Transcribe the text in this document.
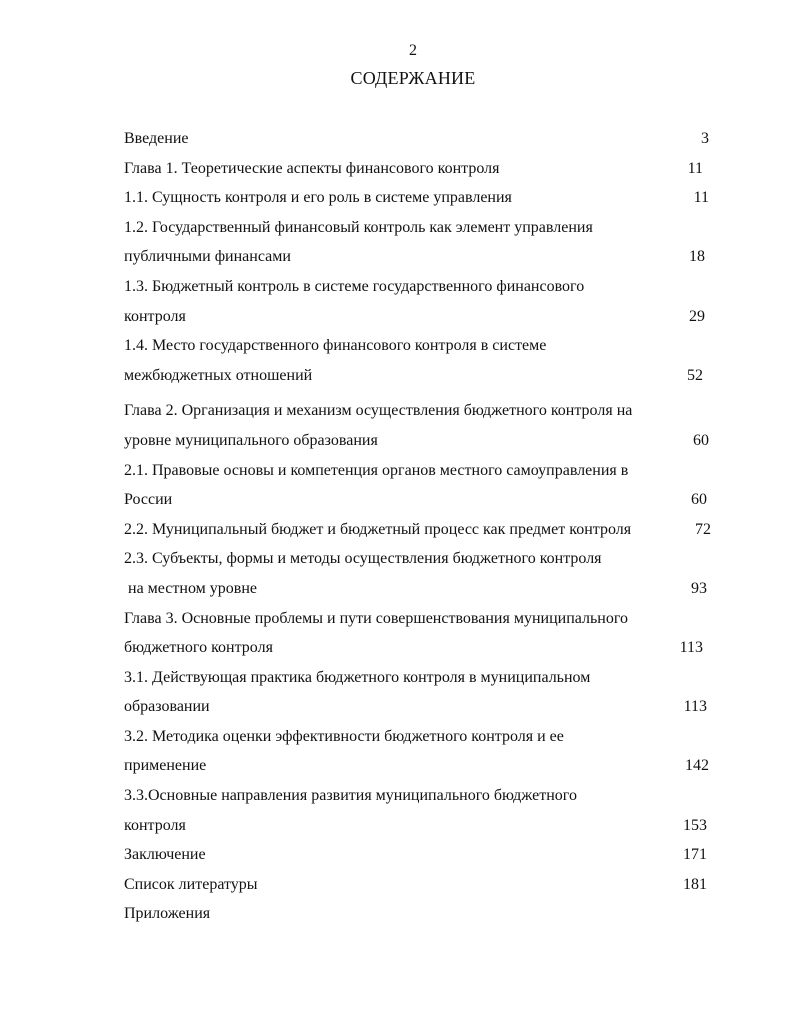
2
СОДЕРЖАНИЕ
Введение	3
Глава 1. Теоретические аспекты финансового контроля	11
1.1. Сущность контроля и его роль в системе управления	11
1.2. Государственный финансовый контроль как элемент управления
публичными финансами	18
1.3. Бюджетный контроль в системе государственного финансового
контроля	29
1.4. Место государственного финансового контроля в системе
межбюджетных отношений	52
Глава 2. Организация и механизм осуществления бюджетного контроля на
уровне муниципального образования	60
2.1. Правовые основы и компетенция органов местного самоуправления в
России	60
2.2. Муниципальный бюджет и бюджетный процесс как предмет контроля	72
2.3. Субъекты, формы и методы осуществления бюджетного контроля
на местном уровне	93
Глава 3. Основные проблемы и пути совершенствования муниципального
бюджетного контроля	113
3.1. Действующая практика бюджетного контроля в муниципальном
образовании	113
3.2. Методика оценки эффективности бюджетного контроля и ее
применение	142
3.3.Основные направления развития муниципального бюджетного
контроля	153
Заключение	171
Список литературы	181
Приложения
